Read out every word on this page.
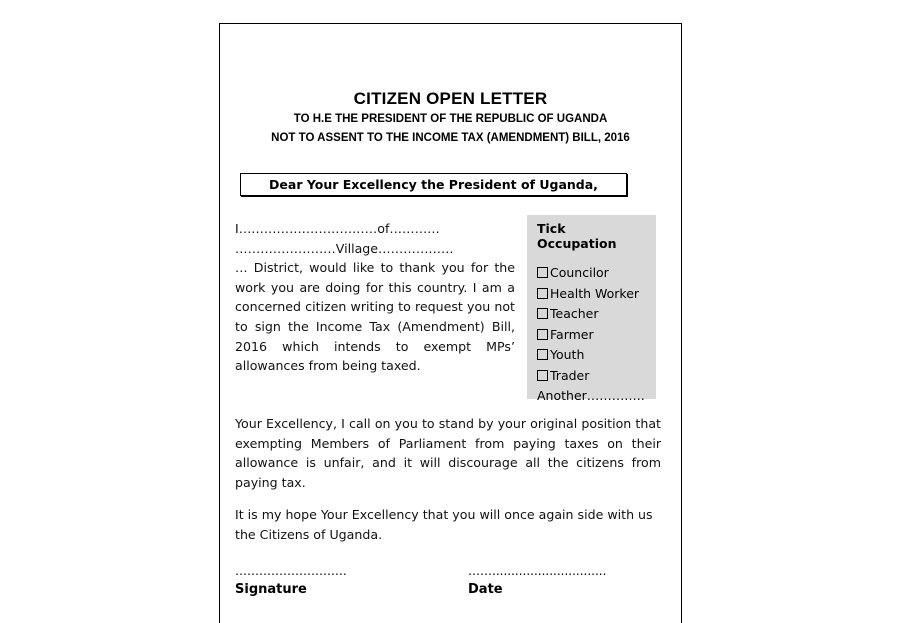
CITIZEN OPEN LETTER
TO H.E THE PRESIDENT OF THE REPUBLIC OF UGANDA
NOT TO ASSENT TO THE INCOME TAX (AMENDMENT) BILL, 2016
Dear Your Excellency the President of Uganda,
I……………………………of…………
……………………Village………………
… District, would like to thank you for the work you are doing for this country. I am a concerned citizen writing to request you not to sign the Income Tax (Amendment) Bill, 2016 which intends to exempt MPs’ allowances from being taxed.
Tick Occupation
Councilor
Health Worker
Teacher
Farmer
Youth
Trader
Another…………..
Your Excellency, I call on you to stand by your original position that exempting Members of Parliament from paying taxes on their allowance is unfair, and it will discourage all the citizens from paying tax.
It is my hope Your Excellency that you will once again side with us the Citizens of Uganda.
…………………….…	……..............................
Signature	Date
